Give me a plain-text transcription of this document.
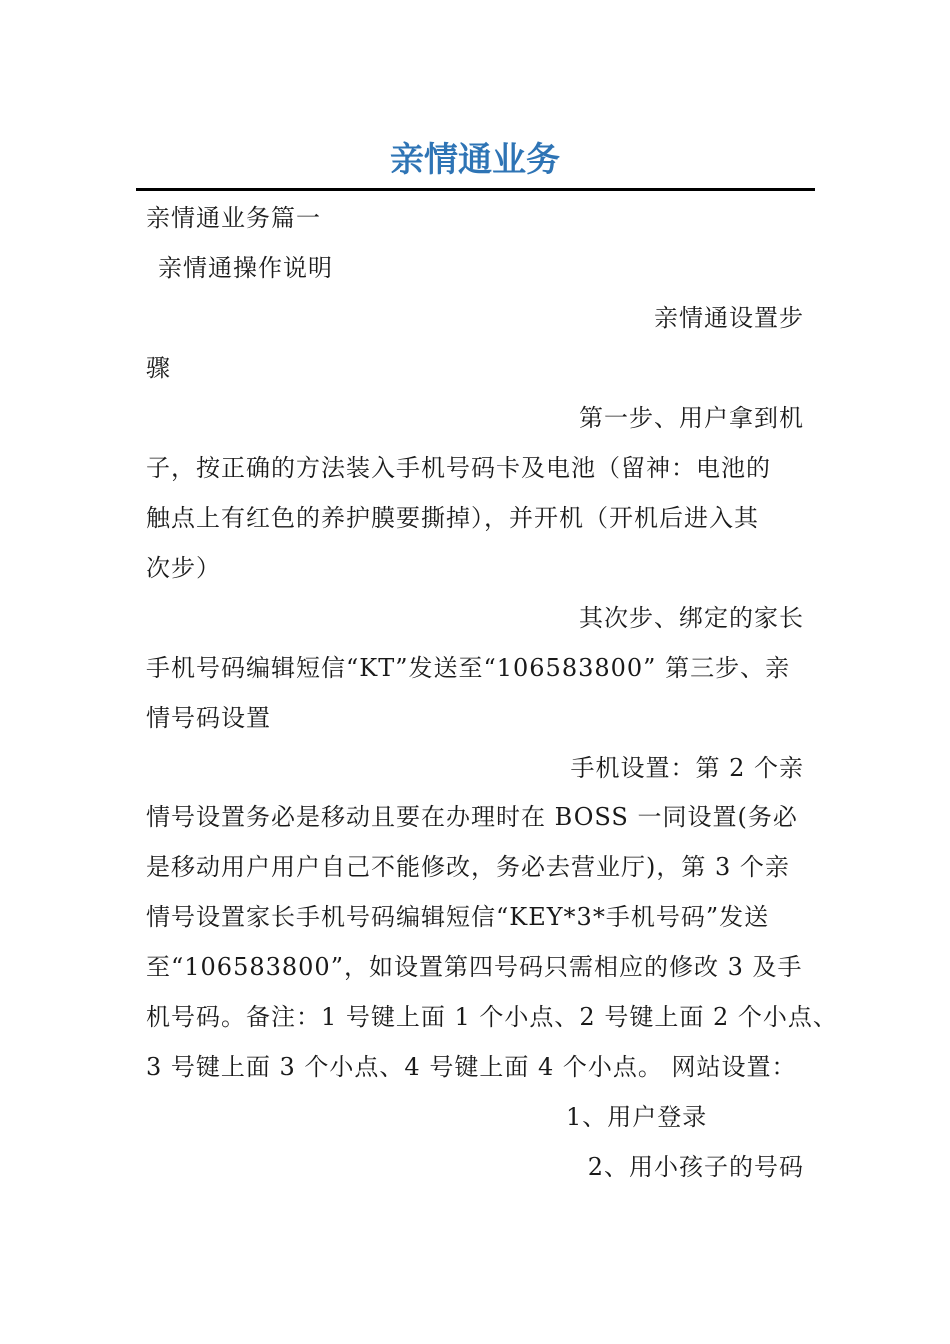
亲情通业务
亲情通业务篇一
亲情通操作说明
亲情通设置步
骤
第一步、用户拿到机
子，按正确的方法装入手机号码卡及电池（留神：电池的
触点上有红色的养护膜要撕掉），并开机（开机后进入其
次步）
其次步、绑定的家长
手机号码编辑短信“KT”发送至“106583800” 第三步、亲
情号码设置
手机设置：第 2 个亲
情号设置务必是移动且要在办理时在 BOSS 一同设置(务必
是移动用户用户自己不能修改，务必去营业厅)，第 3 个亲
情号设置家长手机号码编辑短信“KEY*3*手机号码”发送
至“106583800”，如设置第四号码只需相应的修改 3 及手
机号码。备注：1 号键上面 1 个小点、2 号键上面 2 个小点、
3 号键上面 3 个小点、4 号键上面 4 个小点。 网站设置：
1、用户登录
2、用小孩子的号码
